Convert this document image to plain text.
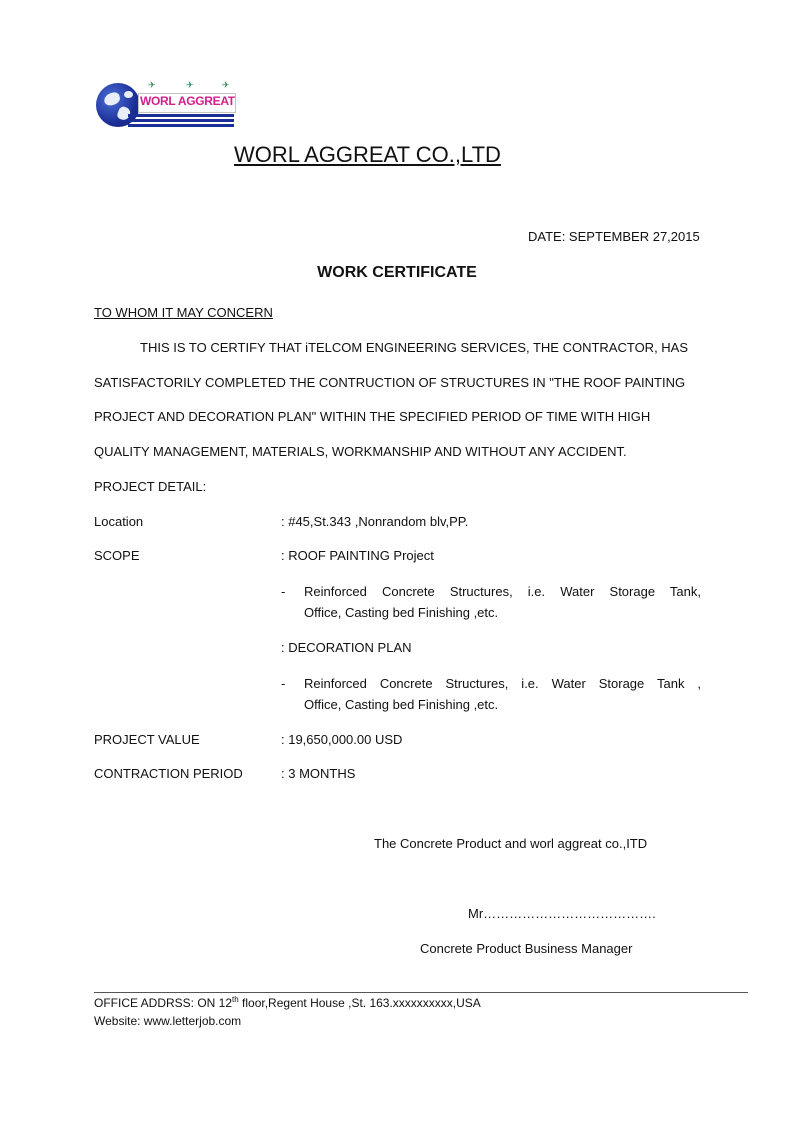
✈	✈	✈
WORL AGGREAT
WORL AGGREAT CO.,LTD
DATE: SEPTEMBER 27,2015
WORK CERTIFICATE
TO WHOM IT MAY CONCERN
THIS IS TO CERTIFY THAT iTELCOM ENGINEERING SERVICES, THE CONTRACTOR, HAS
SATISFACTORILY COMPLETED THE CONTRUCTION OF STRUCTURES IN "THE ROOF PAINTING
PROJECT AND DECORATION PLAN" WITHIN THE SPECIFIED PERIOD OF TIME WITH HIGH
QUALITY MANAGEMENT, MATERIALS, WORKMANSHIP AND WITHOUT ANY ACCIDENT.
PROJECT DETAIL:
Location	: #45,St.343 ,Nonrandom blv,PP.
SCOPE	: ROOF PAINTING Project
- Reinforced Concrete Structures, i.e. Water Storage Tank,
Office, Casting bed Finishing ,etc.
: DECORATION PLAN
- Reinforced Concrete Structures, i.e. Water Storage Tank ,
Office, Casting bed Finishing ,etc.
PROJECT VALUE	: 19,650,000.00 USD
CONTRACTION PERIOD	: 3 MONTHS
The Concrete Product and worl aggreat co.,ITD
Mr………………………………….
Concrete Product Business Manager
OFFICE ADDRSS: ON 12th floor,Regent House ,St. 163.xxxxxxxxxx,USA
Website: www.letterjob.com
